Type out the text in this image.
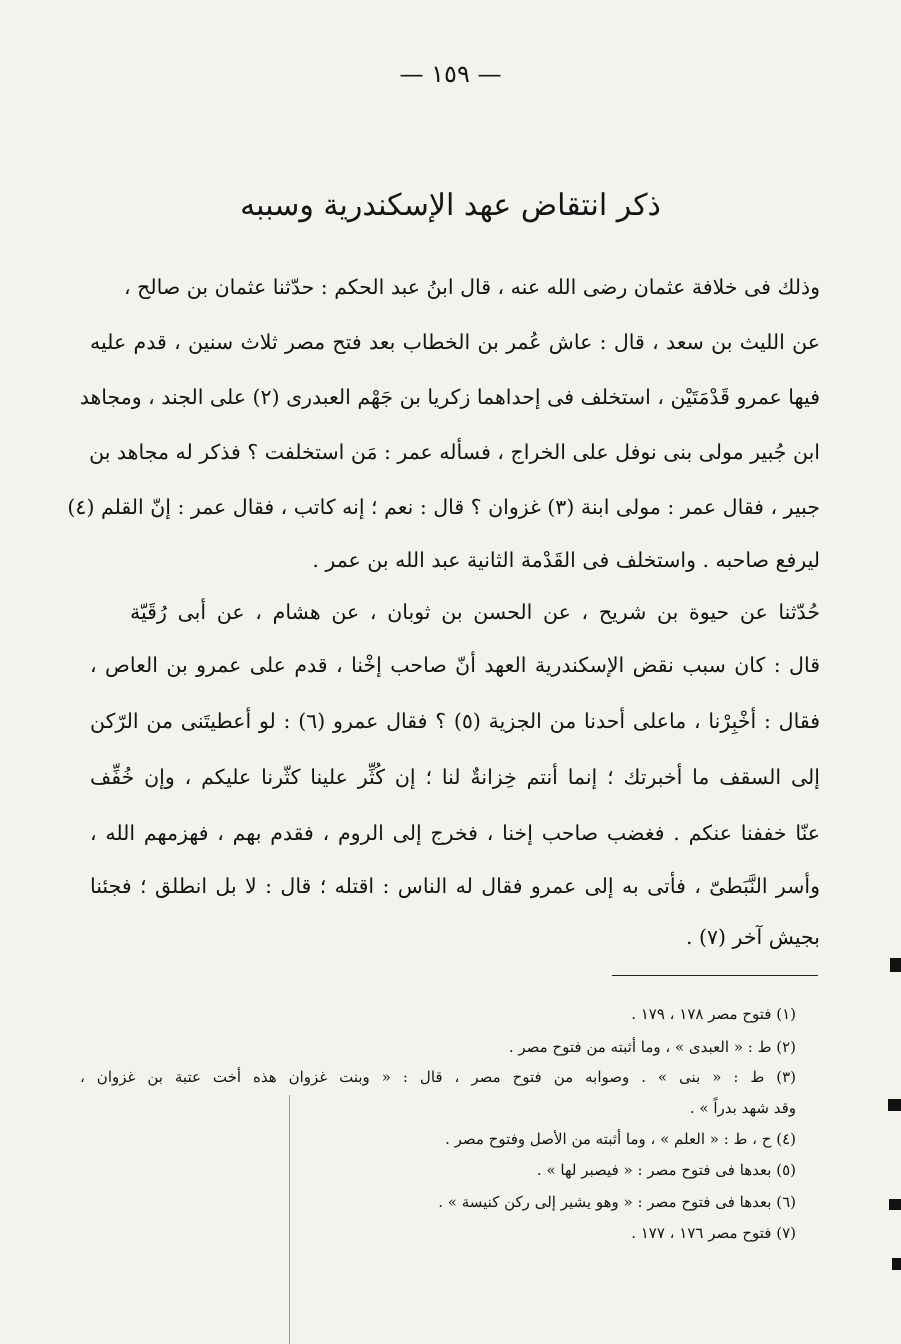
— ١٥٩ —
ذكر انتقاض عهد الإسكندرية وسببه
وذلك فى خلافة عثمان رضى الله عنه ، قال ابنُ عبد الحكم : حدّثنا عثمان بن صالح ،
عن الليث بن سعد ، قال : عاش عُمر بن الخطاب بعد فتح مصر ثلاث سنين ، قدم عليه
فيها عمرو قَدْمَتَيْن ، استخلف فى إحداهما زكريا بن جَهْم العبدرى (٢) على الجند ، ومجاهد
ابن جُبير مولى بنى نوفل على الخراج ، فسأله عمر : مَن استخلفت ؟ فذكر له مجاهد بن
جبير ، فقال عمر : مولى ابنة (٣) غزوان ؟ قال : نعم ؛ إنه كاتب ، فقال عمر : إنّ القلم (٤)
ليرفع صاحبه . واستخلف فى القَدْمة الثانية عبد الله بن عمر .
حُدّثنا عن حيوة بن شريح ، عن الحسن بن ثوبان ، عن هشام ، عن أبى رُقَيّة
قال : كان سبب نقض الإسكندرية العهد أنّ صاحب إخْنا ، قدم على عمرو بن العاص ،
فقال : أخْبِرْنا ، ماعلى أحدنا من الجزية (٥) ؟ فقال عمرو (٦) : لو أعطيتَنى من الرّكن
إلى السقف ما أخبرتك ؛ إنما أنتم خِزانةٌ لنا ؛ إن كُثِّر علينا كثّرنا عليكم ، وإن خُفِّف
عنّا خففنا عنكم . فغضب صاحب إخنا ، فخرج إلى الروم ، فقدم بهم ، فهزمهم الله ،
وأسر النَّبَطىّ ، فأتى به إلى عمرو فقال له الناس : اقتله ؛ قال : لا بل انطلق ؛ فجئنا
بجيش آخر (٧) .
(١) فتوح مصر ١٧٨ ، ١٧٩ .
(٢) ط : « العبدى » ، وما أثبته من فتوح مصر .
(٣) ط : « بنى » . وصوابه من فتوح مصر ، قال : « وبنت غزوان هذه أخت عتبة بن غزوان ،
وقد شهد بدراً » .
(٤) ح ، ط : « العلم » ، وما أثبته من الأصل وفتوح مصر .
(٥) بعدها فى فتوح مصر : « فيصبر لها » .
(٦) بعدها فى فتوح مصر : « وهو يشير إلى ركن كنيسة » .
(٧) فتوح مصر ١٧٦ ، ١٧٧ .
